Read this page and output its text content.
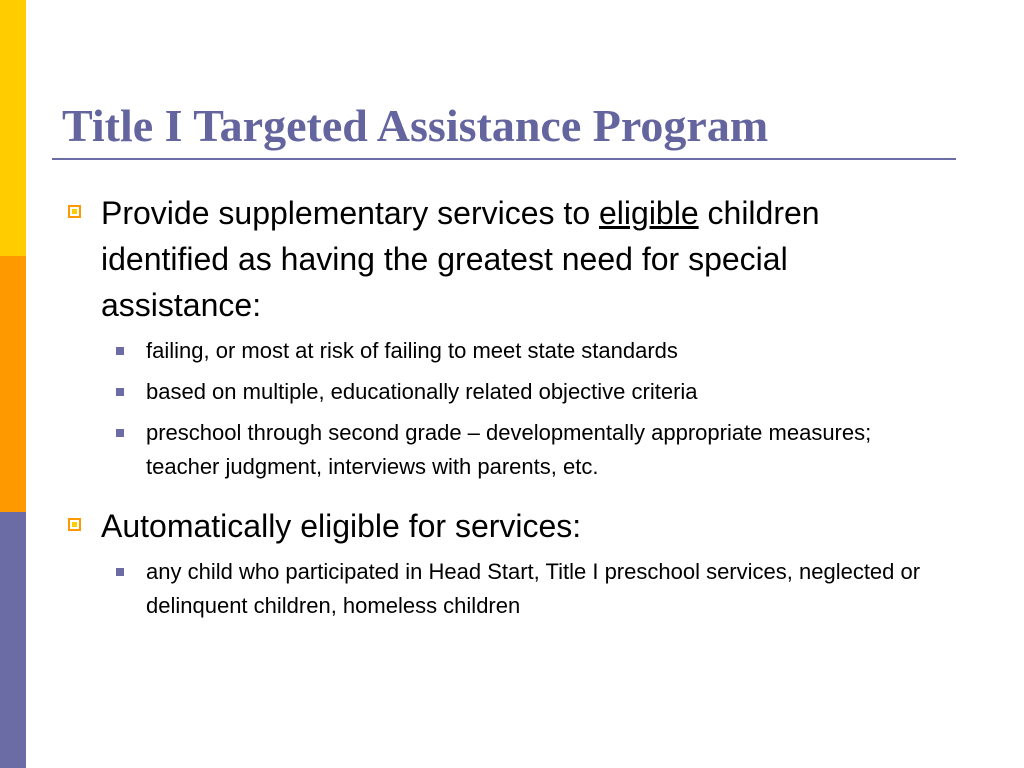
Title I Targeted Assistance Program
Provide supplementary services to eligible children identified as having the greatest need for special assistance:
failing, or most at risk of failing to meet state standards
based on multiple, educationally related objective criteria
preschool through second grade – developmentally appropriate measures; teacher judgment, interviews with parents, etc.
Automatically eligible for services:
any child who participated in Head Start, Title I preschool services, neglected or delinquent children, homeless children
